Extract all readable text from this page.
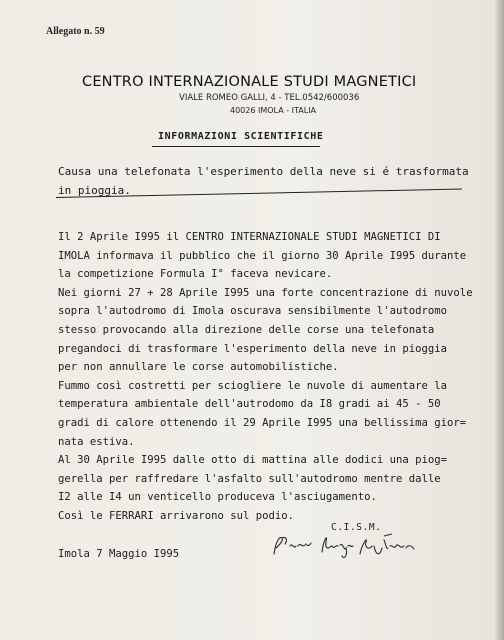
Allegato n. 59
CENTRO INTERNAZIONALE STUDI MAGNETICI
VIALE ROMEO GALLI, 4 - TEL.0542/600036
40026 IMOLA - ITALIA
INFORMAZIONI SCIENTIFICHE
Causa una telefonata l'esperimento della neve si é trasformata
in pioggia.
Il 2 Aprile I995 il CENTRO INTERNAZIONALE STUDI MAGNETICI DI
IMOLA informava il pubblico che il giorno 30 Aprile I995 durante
la competizione Formula I° faceva nevicare.
Nei giorni 27 + 28 Aprile I995 una forte concentrazione di nuvole
sopra l'autodromo di Imola oscurava sensibilmente l'autodromo
stesso provocando alla direzione delle corse una telefonata
pregandoci di trasformare l'esperimento della neve in pioggia
per non annullare le corse automobilistiche.
Fummo così costretti per sciogliere le nuvole di aumentare la
temperatura ambientale dell'autrodomo da I8 gradi ai 45 - 50
gradi di calore ottenendo il 29 Aprile I995 una bellissima gior=
nata estiva.
Al 30 Aprile I995 dalle otto di mattina alle dodici una piog=
gerella per raffredare l'asfalto sull'autodromo mentre dalle
I2 alle I4 un venticello produceva l'asciugamento.
Così le FERRARI arrivarono sul podio.
C.I.S.M.
Imola 7 Maggio I995
